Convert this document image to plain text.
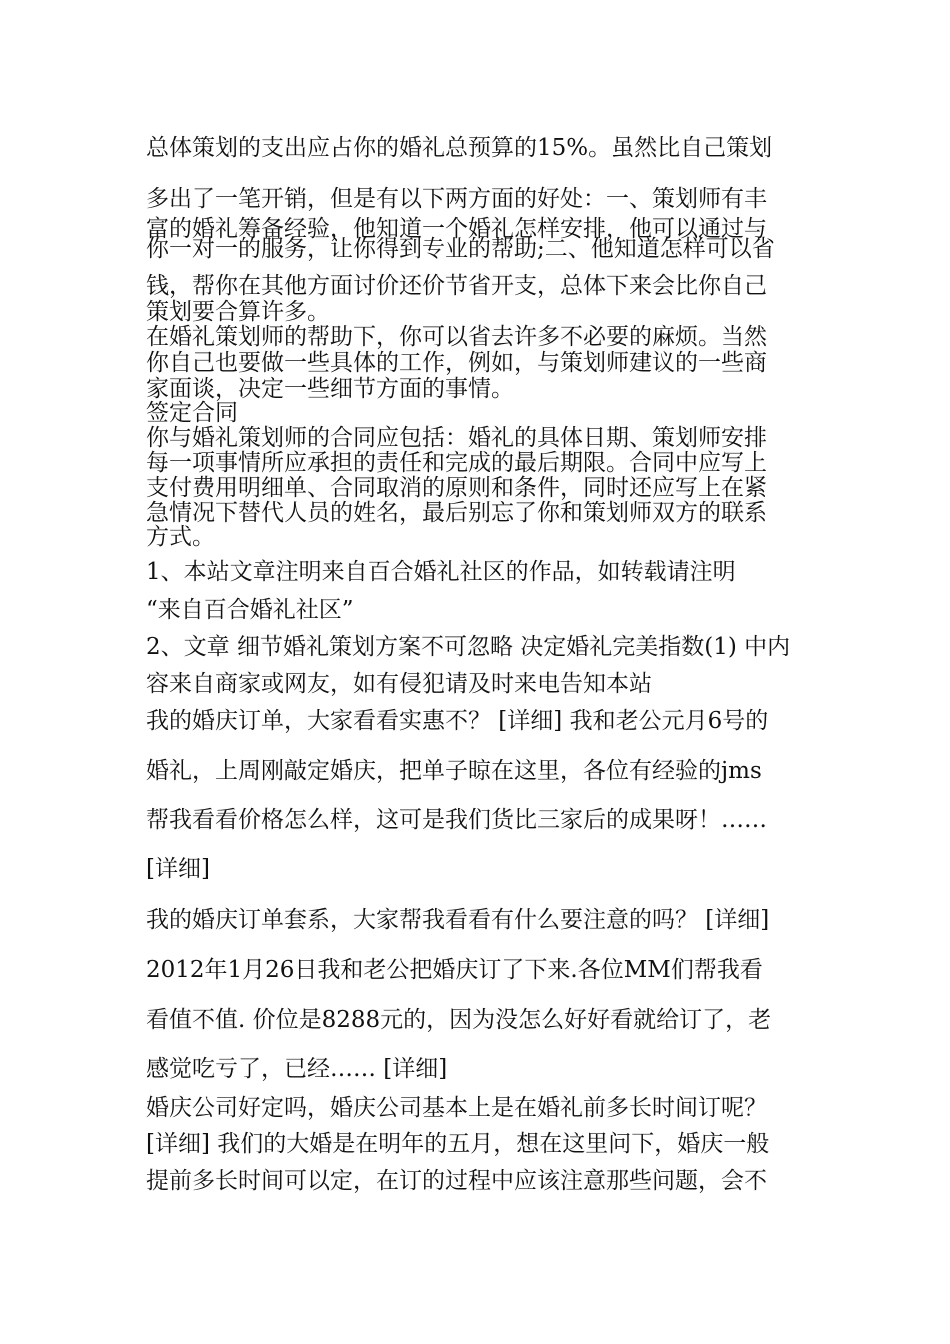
总体策划的支出应占你的婚礼总预算的15%。虽然比自己策划
多出了一笔开销，但是有以下两方面的好处：一、策划师有丰
富的婚礼筹备经验，他知道一个婚礼怎样安排，他可以通过与
你一对一的服务，让你得到专业的帮助;二、他知道怎样可以省
钱，帮你在其他方面讨价还价节省开支，总体下来会比你自己
策划要合算许多。
在婚礼策划师的帮助下，你可以省去许多不必要的麻烦。当然
你自己也要做一些具体的工作，例如，与策划师建议的一些商
家面谈，决定一些细节方面的事情。
签定合同
你与婚礼策划师的合同应包括：婚礼的具体日期、策划师安排
每一项事情所应承担的责任和完成的最后期限。合同中应写上
支付费用明细单、合同取消的原则和条件，同时还应写上在紧
急情况下替代人员的姓名，最后别忘了你和策划师双方的联系
方式。
1、本站文章注明来自百合婚礼社区的作品，如转载请注明
“来自百合婚礼社区”
2、文章 细节婚礼策划方案不可忽略 决定婚礼完美指数(1) 中内
容来自商家或网友，如有侵犯请及时来电告知本站
我的婚庆订单，大家看看实惠不？ [详细] 我和老公元月6号的
婚礼，上周刚敲定婚庆，把单子晾在这里，各位有经验的jms
帮我看看价格怎么样，这可是我们货比三家后的成果呀！……
[详细]
我的婚庆订单套系，大家帮我看看有什么要注意的吗？ [详细]
2012年1月26日我和老公把婚庆订了下来.各位MM们帮我看
看值不值. 价位是8288元的，因为没怎么好好看就给订了，老
感觉吃亏了，已经…… [详细]
婚庆公司好定吗，婚庆公司基本上是在婚礼前多长时间订呢？
[详细] 我们的大婚是在明年的五月，想在这里问下，婚庆一般
提前多长时间可以定，在订的过程中应该注意那些问题，会不
